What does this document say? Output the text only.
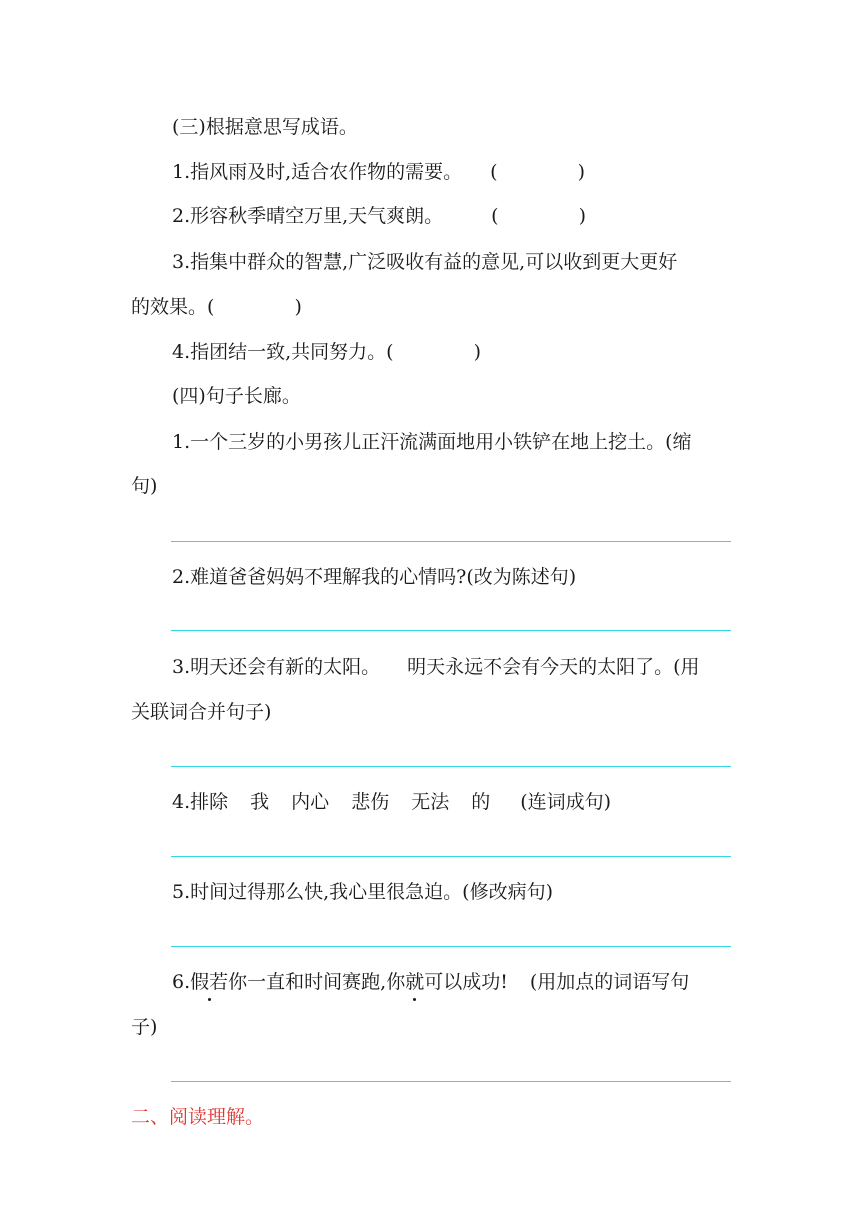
(三)根据意思写成语。
1.指风雨及时,适合农作物的需要。 (	)
2.形容秋季晴空万里,天气爽朗。	(	)
3.指集中群众的智慧,广泛吸收有益的意见,可以收到更大更好
的效果。(	)
4.指团结一致,共同努力。(	)
(四)句子长廊。
1.一个三岁的小男孩儿正汗流满面地用小铁铲在地上挖土。(缩
句)
2.难道爸爸妈妈不理解我的心情吗?(改为陈述句)
3.明天还会有新的太阳。 明天永远不会有今天的太阳了。(用
关联词合并句子)
4.排除 我 内心 悲伤 无法 的 (连词成句)
5.时间过得那么快,我心里很急迫。(修改病句)
6.假若你一直和时间赛跑,你就可以成功! (用加点的词语写句
子)
二、阅读理解。
